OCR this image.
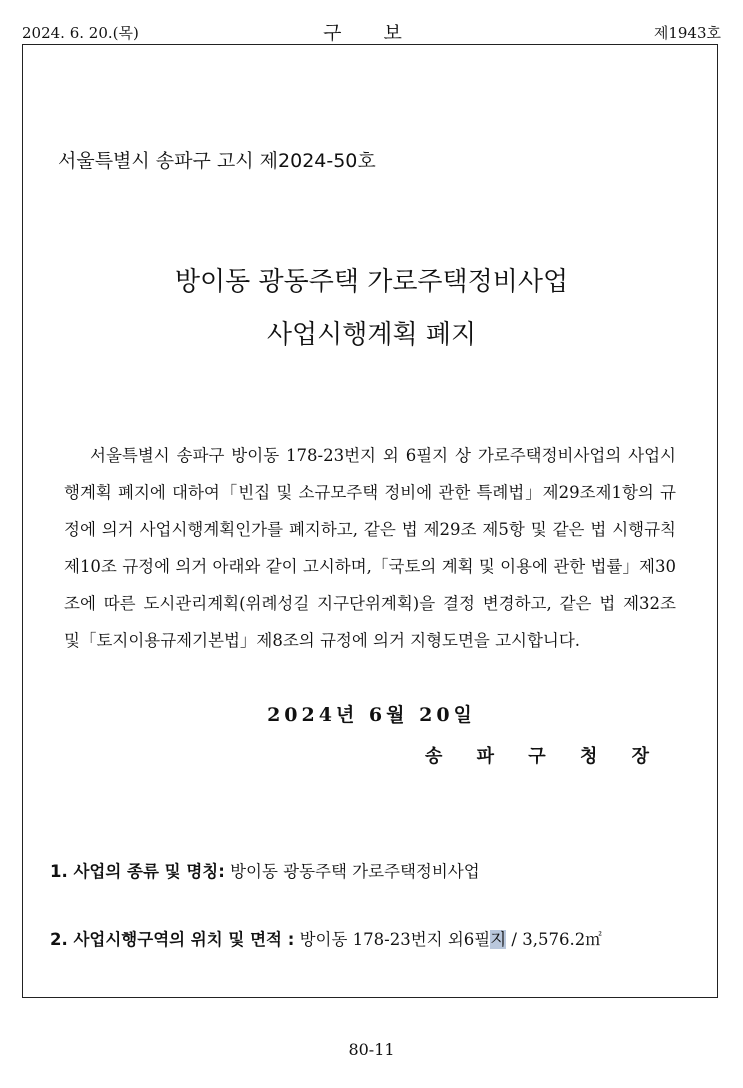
2024. 6. 20.(목)	구 보	제1943호
서울특별시 송파구 고시 제2024-50호
방이동 광동주택 가로주택정비사업
사업시행계획 폐지
서울특별시 송파구 방이동 178-23번지 외 6필지 상 가로주택정비사업의 사업시행계획 폐지에 대하여「빈집 및 소규모주택 정비에 관한 특례법」제29조제1항의 규정에 의거 사업시행계획인가를 폐지하고, 같은 법 제29조 제5항 및 같은 법 시행규칙 제10조 규정에 의거 아래와 같이 고시하며,「국토의 계획 및 이용에 관한 법률」제30조에 따른 도시관리계획(위례성길 지구단위계획)을 결정 변경하고, 같은 법 제32조 및「토지이용규제기본법」제8조의 규정에 의거 지형도면을 고시합니다.
2024년 6월 20일
송 파 구 청 장
1. 사업의 종류 및 명칭: 방이동 광동주택 가로주택정비사업
2. 사업시행구역의 위치 및 면적 : 방이동 178-23번지 외6필지 / 3,576.2㎡
80-11
